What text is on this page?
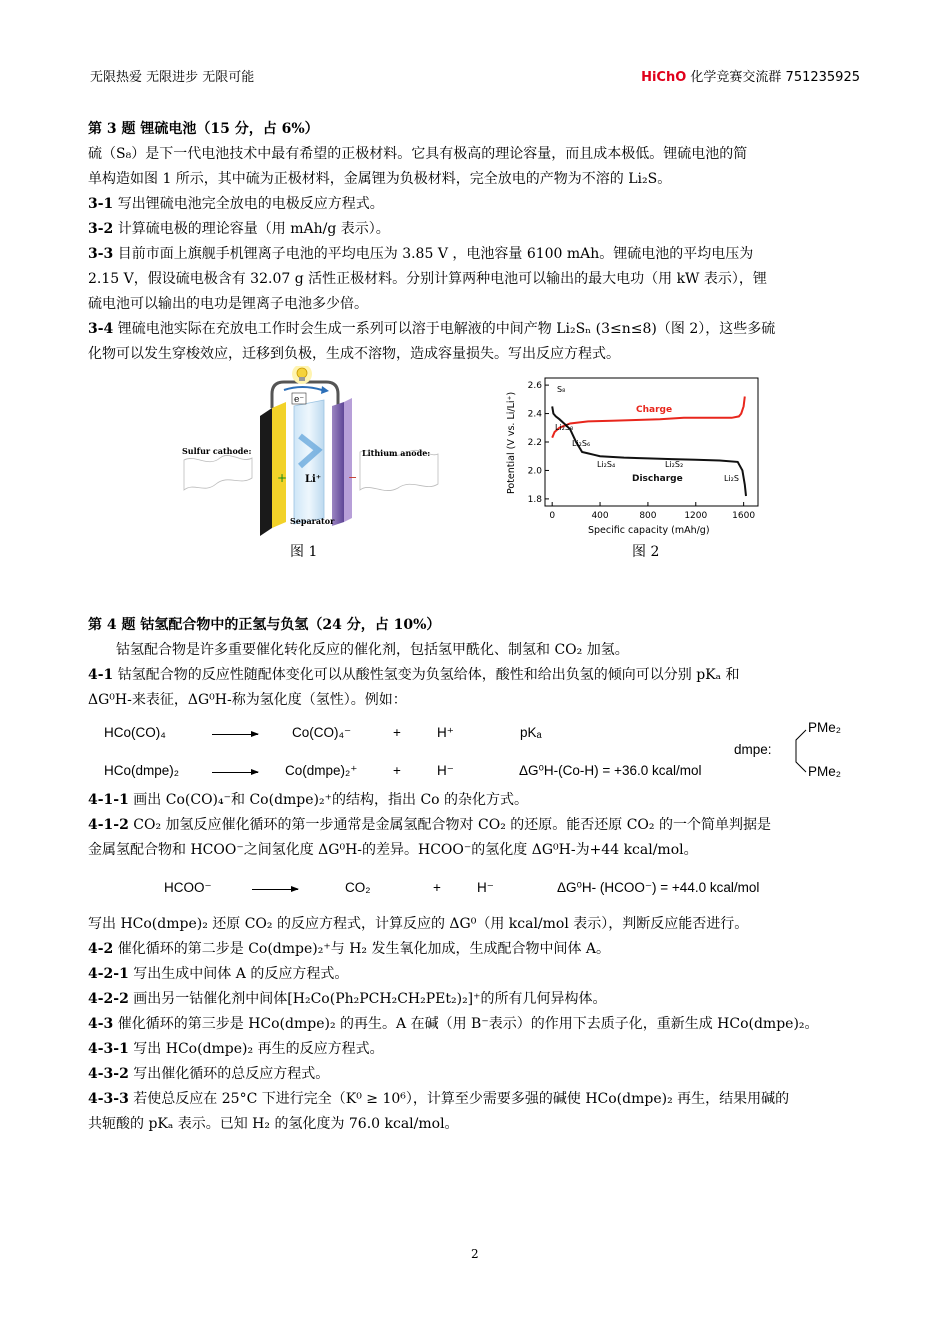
无限热爱 无限进步 无限可能	HiChO 化学竞赛交流群 751235925

第 3 题 锂硫电池（15 分，占 6%）

硫（S₈）是下一代电池技术中最有希望的正极材料。它具有极高的理论容量，而且成本极低。锂硫电池的简

单构造如图 1 所示，其中硫为正极材料，金属锂为负极材料，完全放电的产物为不溶的 Li₂S。

3-1 写出锂硫电池完全放电的电极反应方程式。

3-2 计算硫电极的理论容量（用 mAh/g 表示）。

3-3 目前市面上旗舰手机锂离子电池的平均电压为 3.85 V ，电池容量 6100 mAh。锂硫电池的平均电压为

2.15 V，假设硫电极含有 32.07 g 活性正极材料。分别计算两种电池可以输出的最大电功（用 kW 表示），锂

硫电池可以输出的电功是锂离子电池多少倍。

3-4 锂硫电池实际在充放电工作时会生成一系列可以溶于电解液的中间产物 Li₂Sₙ (3≤n≤8)（图 2），这些多硫

化物可以发生穿梭效应，迁移到负极，生成不溶物，造成容量损失。写出反应方程式。

e⁻
Sulfur cathode:	Lithium anode:
Li⁺
Separator
+	−
图 1
Potential (V vs. Li/Li⁺)
Specific capacity (mAh/g)
0	400	800	1200	1600
2.6
2.4
2.2
2.0
1.8
Charge
Discharge
S₈
Li₂S₈
Li₂S₆
Li₂S₄	Li₂S₂
Li₂S
图 2

第 4 题 钴氢配合物中的正氢与负氢（24 分，占 10%）

钴氢配合物是许多重要催化转化反应的催化剂，包括氢甲酰化、制氢和 CO₂ 加氢。

4-1 钴氢配合物的反应性随配体变化可以从酸性氢变为负氢给体，酸性和给出负氢的倾向可以分别 pKₐ 和

ΔG⁰H-来表征，ΔG⁰H-称为氢化度（氢性）。例如：

HCo(CO)₄	Co(CO)₄⁻	+	H⁺	pKₐ
HCo(dmpe)₂	Co(dmpe)₂⁺	+	H⁻	ΔG⁰H-(Co-H) = +36.0 kcal/mol
dmpe:
PMe₂
PMe₂

4-1-1 画出 Co(CO)₄⁻和 Co(dmpe)₂⁺的结构，指出 Co 的杂化方式。

4-1-2 CO₂ 加氢反应催化循环的第一步通常是金属氢配合物对 CO₂ 的还原。能否还原 CO₂ 的一个简单判据是

金属氢配合物和 HCOO⁻之间氢化度 ΔG⁰H-的差异。HCOO⁻的氢化度 ΔG⁰H-为+44 kcal/mol。

HCOO⁻	CO₂	+	H⁻	ΔG⁰H- (HCOO⁻) = +44.0 kcal/mol

写出 HCo(dmpe)₂ 还原 CO₂ 的反应方程式，计算反应的 ΔG⁰（用 kcal/mol 表示），判断反应能否进行。

4-2 催化循环的第二步是 Co(dmpe)₂⁺与 H₂ 发生氧化加成，生成配合物中间体 A。

4-2-1 写出生成中间体 A 的反应方程式。

4-2-2 画出另一钴催化剂中间体[H₂Co(Ph₂PCH₂CH₂PEt₂)₂]⁺的所有几何异构体。

4-3 催化循环的第三步是 HCo(dmpe)₂ 的再生。A 在碱（用 B⁻表示）的作用下去质子化，重新生成 HCo(dmpe)₂。

4-3-1 写出 HCo(dmpe)₂ 再生的反应方程式。

4-3-2 写出催化循环的总反应方程式。

4-3-3 若使总反应在 25°C 下进行完全（K⁰ ≥ 10⁶），计算至少需要多强的碱使 HCo(dmpe)₂ 再生，结果用碱的

共轭酸的 pKₐ 表示。已知 H₂ 的氢化度为 76.0 kcal/mol。

2
